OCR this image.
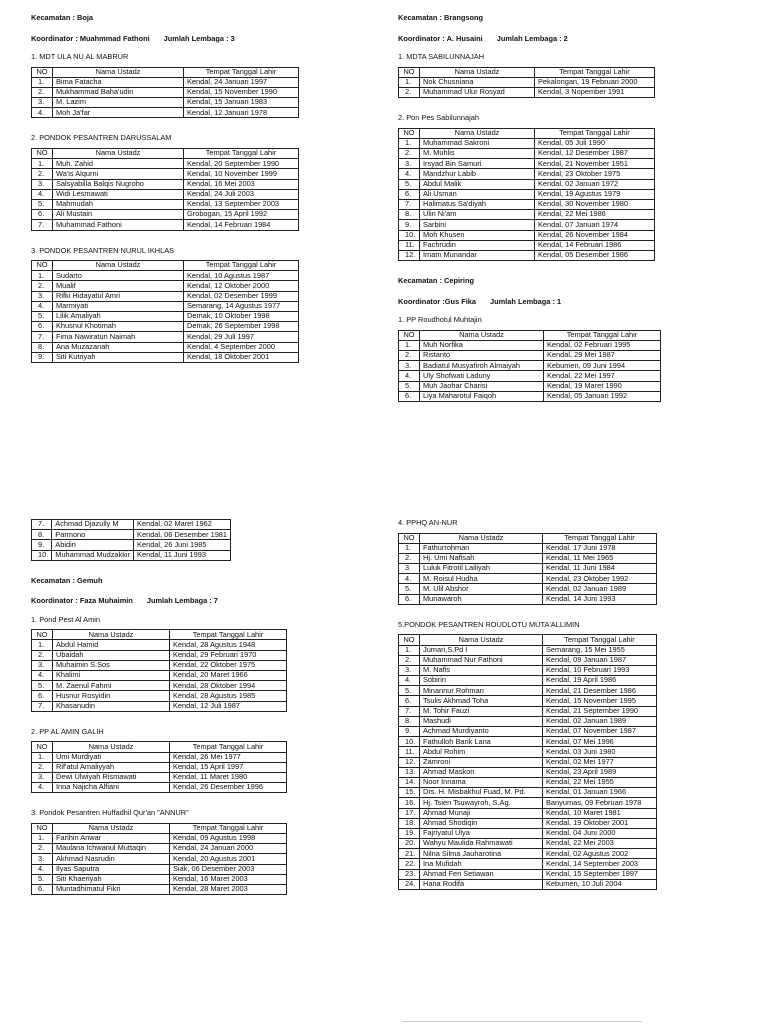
Kecamatan : Boja

Koordinator : Muahmmad Fathoni Jumlah Lembaga : 3

1. MDT ULA NU AL MABRUR

NO	Nama Ustadz	Tempat Tanggal Lahir
1.	Bima Fatacha	Kendal, 24 Januari 1997
2.	Mukhammad Baha'udin	Kendal, 15 November 1990
3.	M. Lazim	Kendal, 15 Januari 1983
4.	Moh Ja'far	Kendal, 12 Januari 1978

2. PONDOK PESANTREN DARUSSALAM

NO	Nama Ustadz	Tempat Tanggal Lahir
1.	Muh. Zahid	Kendal, 20 September 1990
2.	Wa'is Alqurni	Kendal, 10 November 1999
3.	Salsyabilla Balqis Nugroho	Kendal, 16 Mei 2003
4.	Widi Lesmawati	Kendal, 24 Juli 2003
5.	Mahmudah	Kendal, 13 September 2003
6.	Ali Mustain	Grobogan, 15 April 1992
7.	Muhammad Fathoni	Kendal, 14 Februari 1984

3. PONDOK PESANTREN NURUL IKHLAS

NO	Nama Ustadz	Tempat Tanggal Lahir
1.	Sudarto	Kendal, 10 Agustus 1987
2.	Mualif	Kendal, 12 Oktober 2000
3.	Rifki Hidayatul Amri	Kendal, 02 Desember 1999
4.	Marmiyati	Semarang, 14 Agustus 1977
5.	Lilik Amaliyah	Demak, 10 Oktober 1998
6.	Khusnul Khotimah	Demak, 26 September 1998
7.	Fima Nawiratun Naimah	Kendal, 29 Juli 1997
8.	Ana Muzazanah	Kendal, 4 September 2000
9.	Siti Kutriyah	Kendal, 18 Oktober 2001

Kecamatan : Brangsong

Koordinator : A. Husaini Jumlah Lembaga : 2

1. MDTA SABILUNNAJAH

NO	Nama Ustadz	Tempat Tanggal Lahir
1.	Nok Chusniana	Pekalongan, 19 Februari 2000
2.	Muhammad Ulur Rosyad	Kendal, 3 Nopember 1991

2. Pon Pes Sabilunnajah

NO	Nama Ustadz	Tempat Tanggal Lahir
1.	Muhammad Sakroni	Kendal, 05 Juli 1990
2.	M. Muhlis	Kendal, 12 Desember 1987
3.	Irsyad Bin Samuri	Kendal, 21 November 1951
4.	Mandzhur Labib	Kendal, 23 Oktober 1975
5.	Abdul Malik	Kendal, 02 Januari 1972
6.	Ali Usman	Kendal, 19 Agustus 1979
7.	Halimatus Sa'diyah	Kendal, 30 November 1980
8.	Ulin Ni'am	Kendal, 22 Mei 1986
9.	Sarbini	Kendal, 07 Januari 1974
10.	Moh Khusen	Kendal, 26 November 1984
11.	Fachrudin	Kendal, 14 Februari 1986
12.	Imam Munandar	Kendal, 05 Desember 1986

Kecamatan : Cepiring

Koordinator :Gus Fika Jumlah Lembaga : 1

1. PP Roudhotul Muhtajin

NO	Nama Ustadz	Tempat Tanggal Lahir
1.	Muh Norfika	Kendal, 02 Februari 1995
2.	Ristanto	Kendal, 29 Mei 1987
3.	Badiatul Musyafiroh Almaiyah	Kebumen, 09 Juni 1994
4.	Uly Shofwati Laduny	Kendal, 22 Mei 1997
5.	Muh Jaohar Charisi	Kendal, 19 Maret 1990
6.	Liya Maharotul Faiqoh	Kendal, 05 Januari 1992
7.	Achmad Djazully M	Kendal, 02 Maret 1962
8.	Parmono	Kendal, 06 Desember 1981
9.	Abidin	Kendal, 26 Juni 1985
10.	Muhammad Mudzakkir	Kendal, 11 Juni 1993

Kecamatan : Gemuh

Koordinator : Faza Muhaimin Jumlah Lembaga : 7

1. Pond Pest Al Amin

NO	Nama Ustadz	Tempat Tanggal Lahir
1.	Abdul Hamid	Kendal, 28 Agustus 1948
2.	Ubaidah	Kendal, 29 Februari 1970
3.	Muhaimin S.Sos	Kendal, 22 Oktober 1975
4.	Khalimi	Kendal, 20 Maret 1966
5.	M. Zaenul Fahmi	Kendal, 28 Oktober 1994
6.	Husnur Rosyidin	Kendal, 28 Agustus 1985
7.	Khasanudin	Kendal, 12 Juli 1987

2. PP AL AMIN GALIH

NO	Nama Ustadz	Tempat Tanggal Lahir
1.	Umi Murdiyati	Kendal, 26 Mei 1977
2.	Rif'atul Amaliyyah	Kendal, 15 April 1997
3.	Dewi Ulwiyah Rismawati	Kendal, 11 Maret 1980
4.	Inna Najicha Alfiani	Kendal, 26 Desember 1996

3. Pondok Pesantren Huffadhil Qur'an "ANNUR"

NO	Nama Ustadz	Tempat Tanggal Lahir
1.	Farihin Anwar	Kendal, 09 Agustus 1998
2.	Maulana Ichwanul Muttaqin	Kendal, 24 Januari 2000
3.	Akhmad Nasrudin	Kendal, 20 Agustus 2001
4.	Ilyas Saputra	Siak, 06 Desember 2003
5.	Siti Khaeriyah	Kendal, 16 Maret 2003
6.	Muntadhimatul Fikri	Kendal, 28 Maret 2003

4. PPHQ AN-NUR

NO	Nama Ustadz	Tempat Tanggal Lahir
1.	Fathurrohman	Kendal, 17 Juni 1978
2.	Hj. Umi Nafisah	Kendal, 11 Mei 1965
3.	Luluk Fitrotil Lailiyah	Kendal, 11 Juni 1984
4.	M. Roisul Hudha	Kendal, 23 Oktober 1992
5.	M. Ulil Abshor	Kendal, 02 Januari 1989
6.	Munawaroh	Kendal, 14 Juni 1993

5.PONDOK PESANTREN ROUDLOTU MUTA'ALLIMIN

NO	Nama Ustadz	Tempat Tanggal Lahir
1.	Jumari,S.Pd I	Semarang, 15 Mei 1955
2.	Muhammad Nur Fathoni	Kendal, 09 Januari 1987
3.	M. Nafis	Kendal, 10 Februari 1993
4.	Sobirin	Kendal, 19 April 1986
5.	Minannur Rohman	Kendal, 21 Desember 1986
6.	Tsulis Akhmad Toha	Kendal, 15 November 1995
7.	M. Tohir Fauzi	Kendal, 21 September 1990
8.	Mashudi	Kendal, 02 Januari 1989
9.	Achmad Murdiyanto	Kendal, 07 November 1987
10.	Fathulloh Barik Lana	Kendal, 07 Mei 1996
11.	Abdul Rohim	Kendal, 03 Juni 1980
12.	Zamroni	Kendal, 02 Mei 1977
13.	Ahmad Maskon	Kendal, 23 April 1989
14.	Noor Innama	Kendal, 22 Mei 1955
15.	Drs. H. Misbakhul Fuad, M. Pd.	Kendal, 01 Januari 1966
16.	Hj. Tsien Tsuwayroh, S.Ag.	Banyumas, 09 Februari 1978
17.	Ahmad Munaji	Kendal, 10 Maret 1981
18.	Ahmad Shodiqin	Kendal, 19 Oktober 2001
19.	Fajriyatul Ulya	Kendal, 04 Juni 2000
20.	Wahyu Maulida Rahmawati	Kendal, 22 Mei 2003
21.	Nilna Silma Jauharotina	Kendal, 02 Agustus 2002
22.	Ina Mufidah	Kendal, 14 September 2003
23.	Ahmad Feri Setiawan	Kendal, 15 September 1997
24.	Hana Rodifa	Kebumen, 10 Juli 2004
